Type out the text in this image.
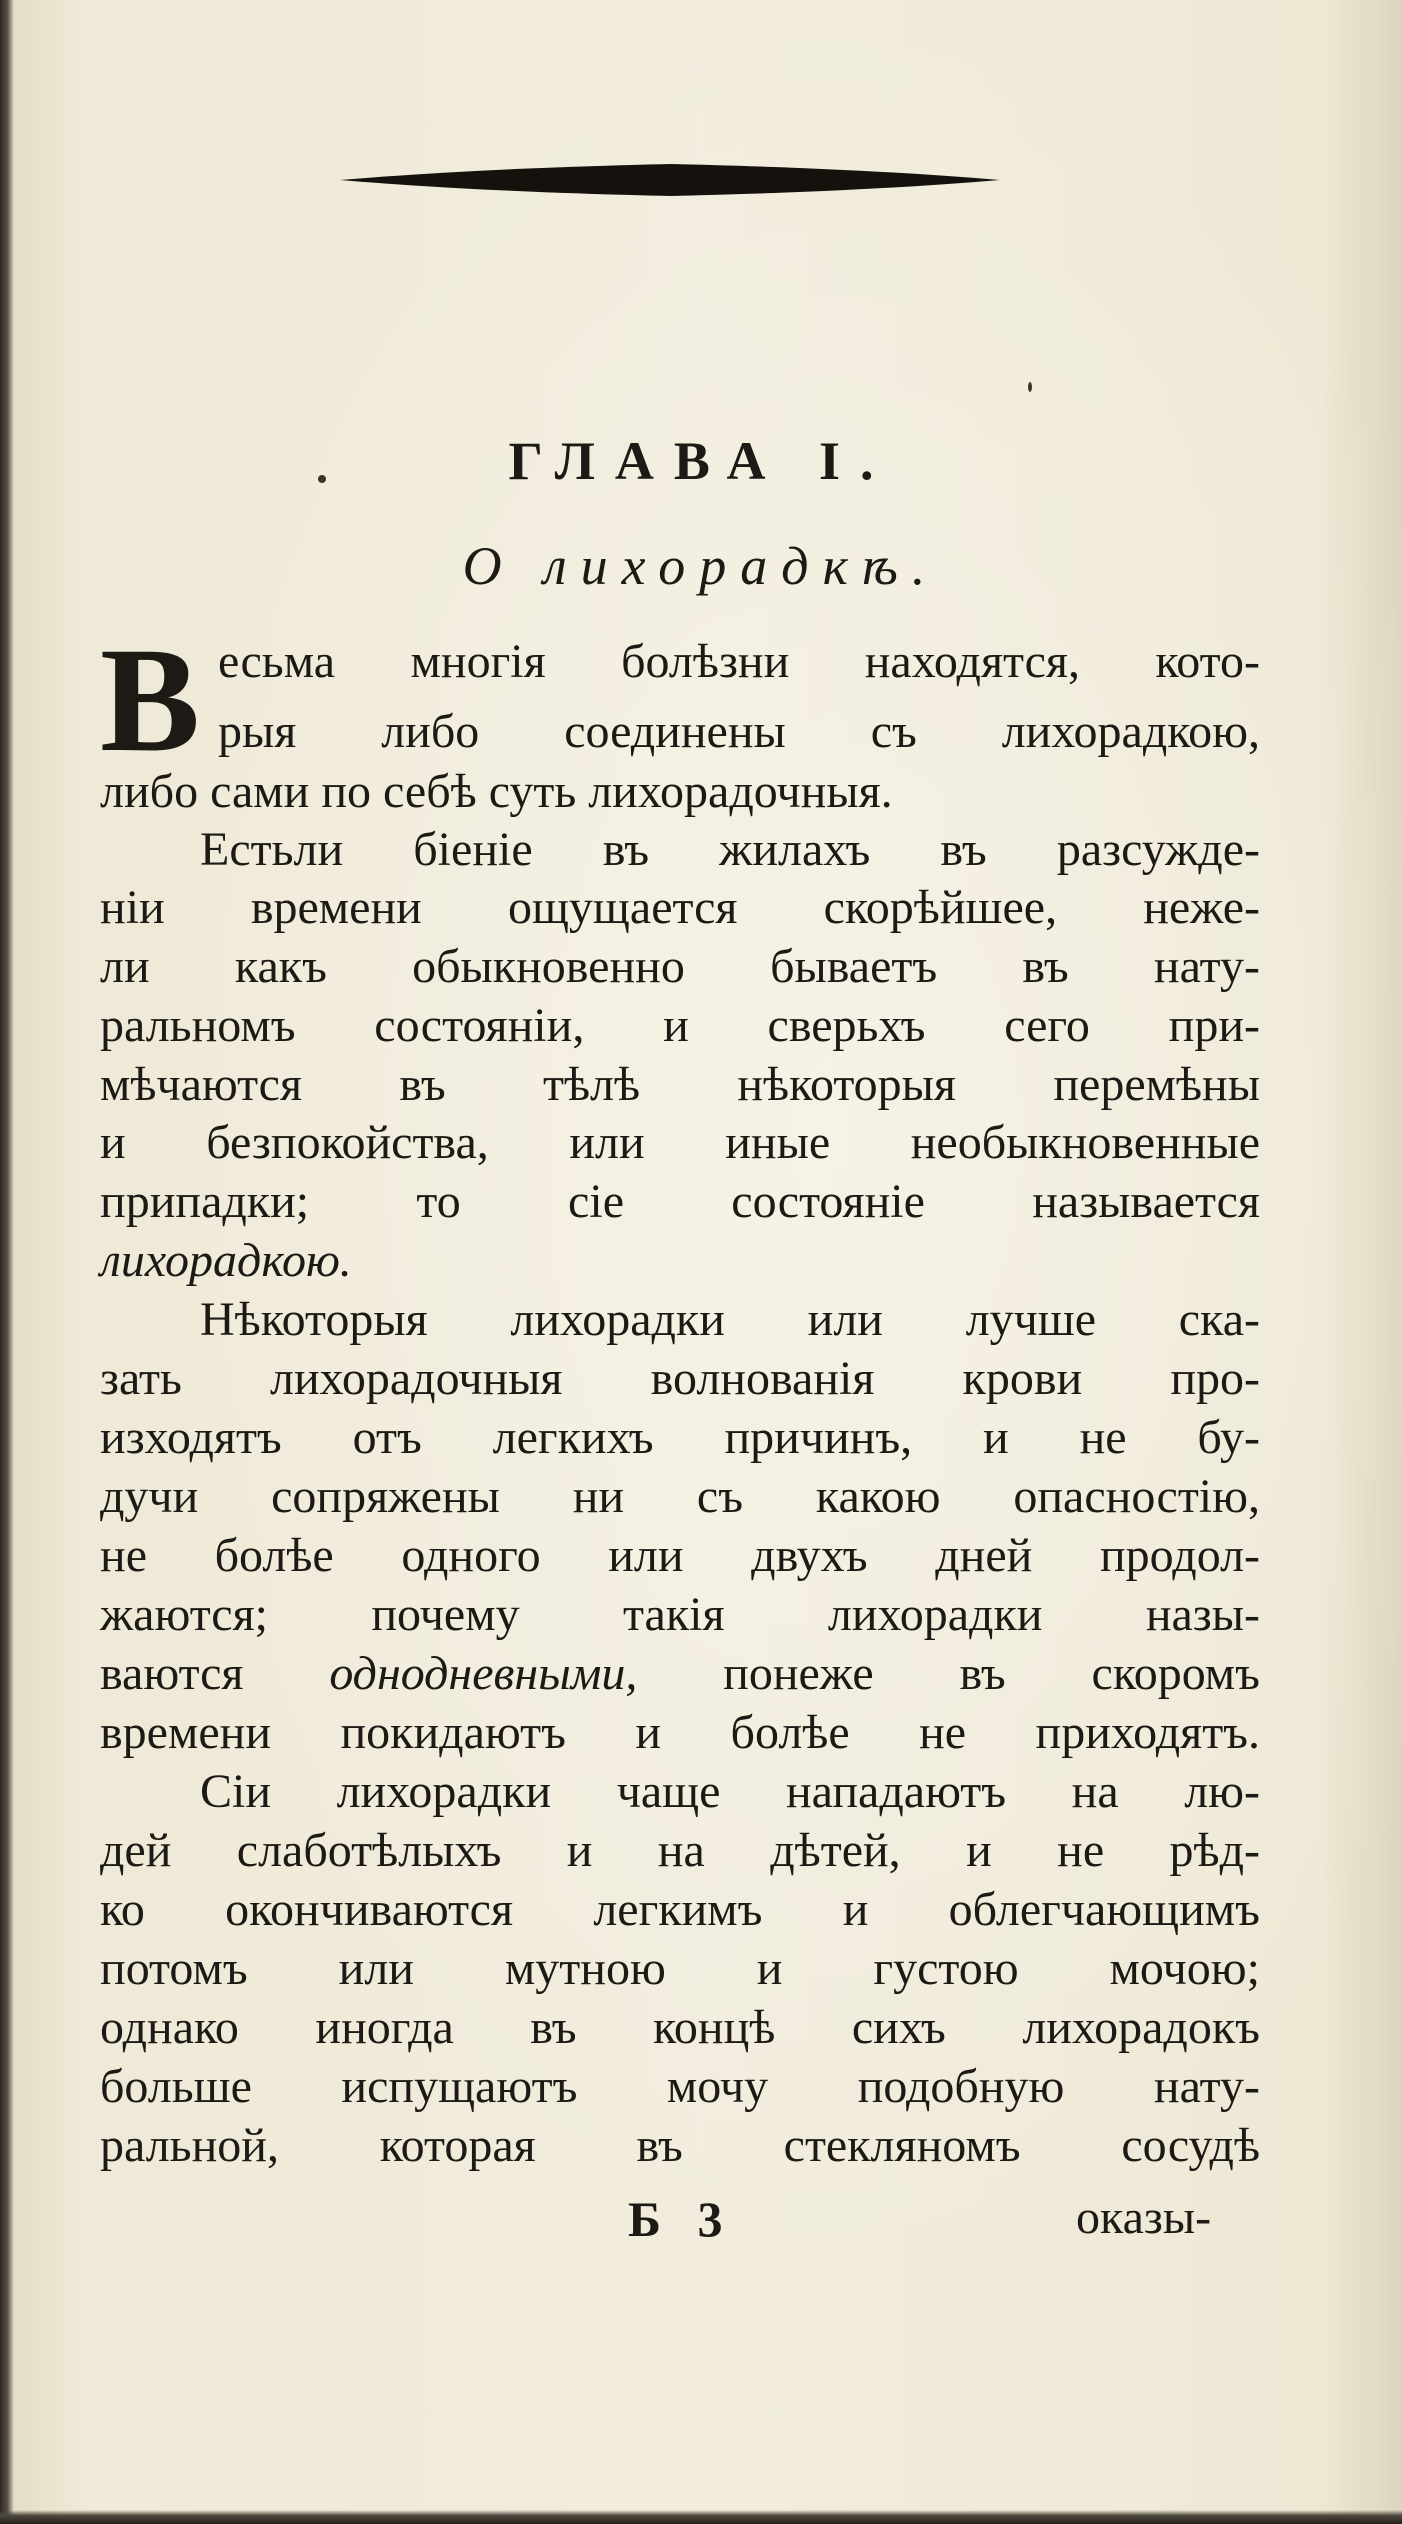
ГЛАВА I.
О лихорадкѣ.
В есьма многiя болѣзни находятся, кото-
рыя либо соединены съ лихорадкою,
либо сами по себѣ суть лихорадочныя.
Естьли бiенiе въ жилахъ въ разсужде-
нiи времени ощущается скорѣйшее, неже-
ли какъ обыкновенно бываетъ въ нату-
ральномъ состоянiи, и сверьхъ сего при-
мѣчаются въ тѣлѣ нѣкоторыя перемѣны
и безпокойства, или иные необыкновенные
припадки; то сiе состоянiе называется
лихорадкою.
Нѣкоторыя лихорадки или лучше ска-
зать лихорадочныя волнованiя крови про-
изходятъ отъ легкихъ причинъ, и не бу-
дучи сопряжены ни съ какою опасностiю,
не болѣе одного или двухъ дней продол-
жаются; почему такiя лихорадки назы-
ваются однодневными, понеже въ скоромъ
времени покидаютъ и болѣе не приходятъ.
Сiи лихорадки чаще нападаютъ на лю-
дей слаботѣлыхъ и на дѣтей, и не рѣд-
ко окончиваются легкимъ и облегчающимъ
потомъ или мутною и густою мочою;
однако иногда въ концѣ сихъ лихорадокъ
больше испущаютъ мочу подобную нату-
ральной, которая въ стекляномъ сосудѣ
Б 3	оказы-
